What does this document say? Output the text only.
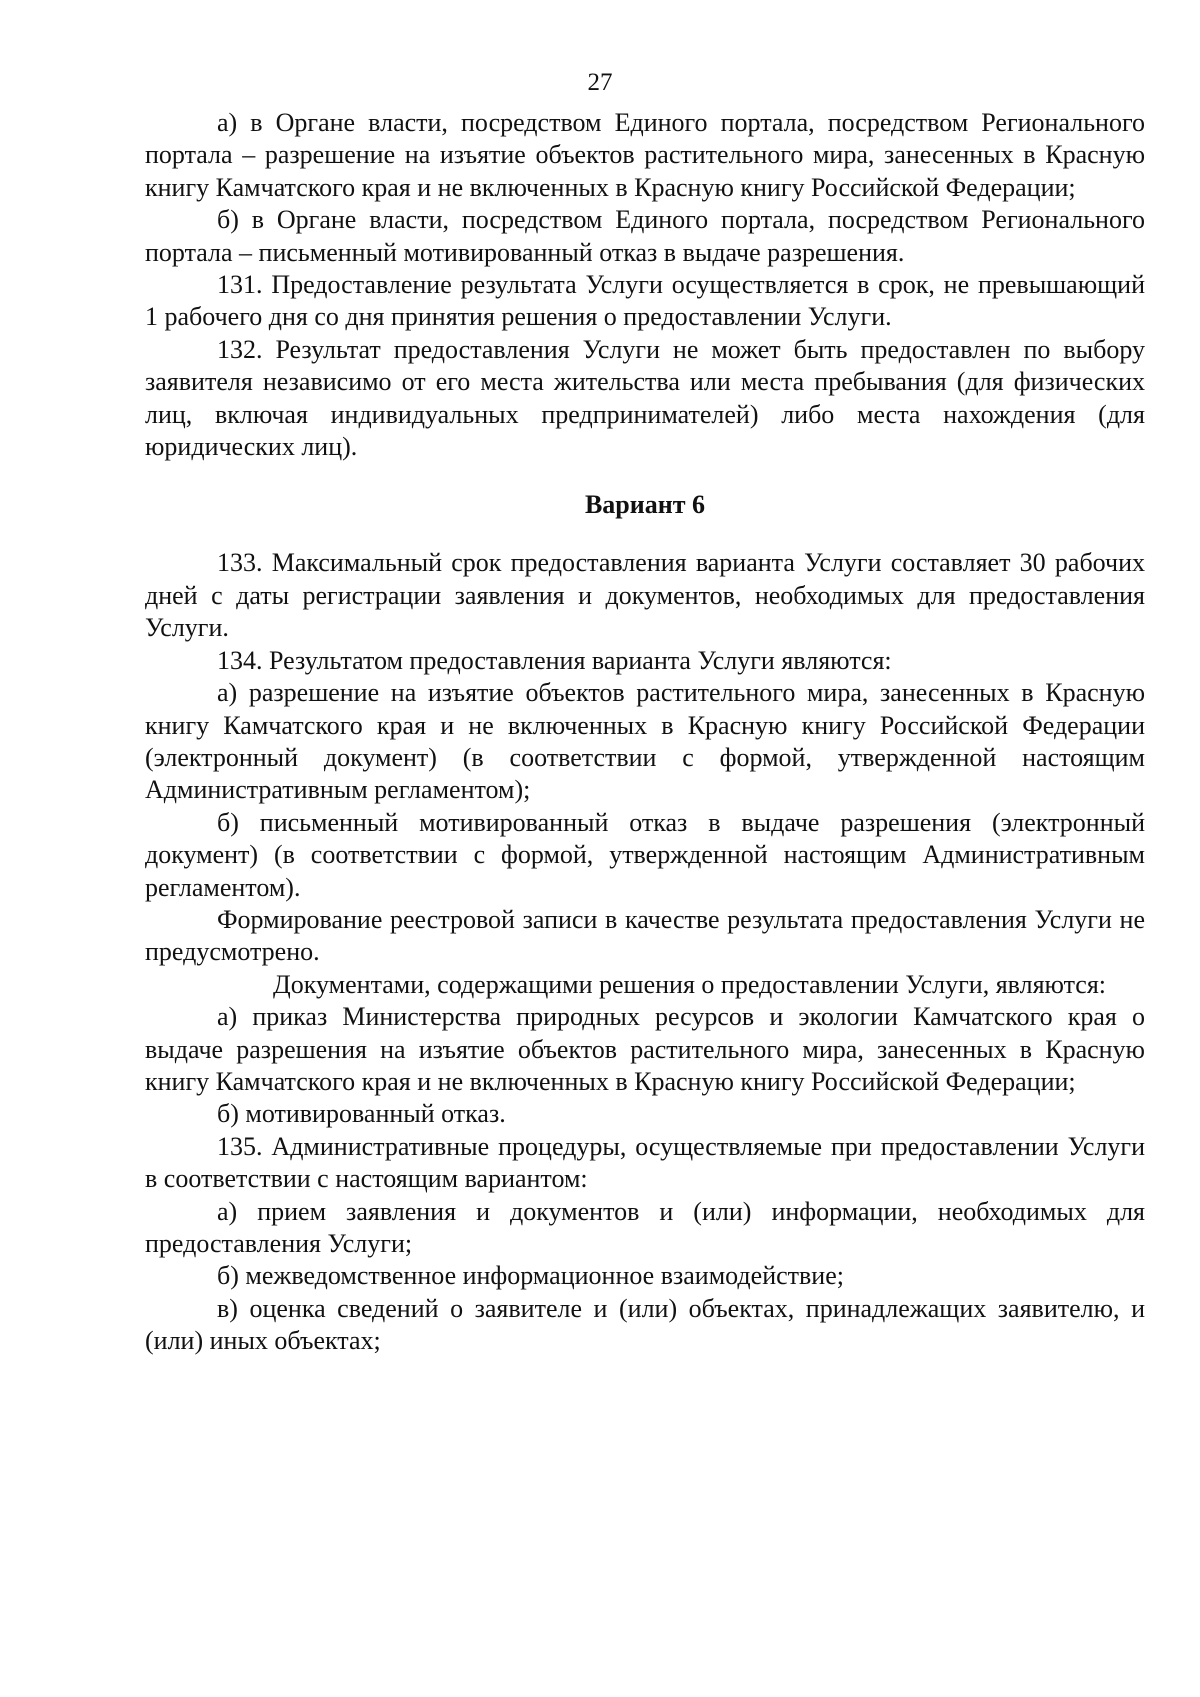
27

а) в Органе власти, посредством Единого портала, посредством Регионального портала – разрешение на изъятие объектов растительного мира, занесенных в Красную книгу Камчатского края и не включенных в Красную книгу Российской Федерации;

б) в Органе власти, посредством Единого портала, посредством Регионального портала – письменный мотивированный отказ в выдаче разрешения.

131. Предоставление результата Услуги осуществляется в срок, не превышающий 1 рабочего дня со дня принятия решения о предоставлении Услуги.

132. Результат предоставления Услуги не может быть предоставлен по выбору заявителя независимо от его места жительства или места пребывания (для физических лиц, включая индивидуальных предпринимателей) либо места нахождения (для юридических лиц).

Вариант 6

133. Максимальный срок предоставления варианта Услуги составляет 30 рабочих дней с даты регистрации заявления и документов, необходимых для предоставления Услуги.

134. Результатом предоставления варианта Услуги являются:

а) разрешение на изъятие объектов растительного мира, занесенных в Красную книгу Камчатского края и не включенных в Красную книгу Российской Федерации (электронный документ) (в соответствии с формой, утвержденной настоящим Административным регламентом);

б) письменный мотивированный отказ в выдаче разрешения (электронный документ) (в соответствии с формой, утвержденной настоящим Административным регламентом).

Формирование реестровой записи в качестве результата предоставления Услуги не предусмотрено.

Документами, содержащими решения о предоставлении Услуги, являются:

а) приказ Министерства природных ресурсов и экологии Камчатского края о выдаче разрешения на изъятие объектов растительного мира, занесенных в Красную книгу Камчатского края и не включенных в Красную книгу Российской Федерации;

б) мотивированный отказ.

135. Административные процедуры, осуществляемые при предоставлении Услуги в соответствии с настоящим вариантом:

а) прием заявления и документов и (или) информации, необходимых для предоставления Услуги;

б) межведомственное информационное взаимодействие;

в) оценка сведений о заявителе и (или) объектах, принадлежащих заявителю, и (или) иных объектах;
